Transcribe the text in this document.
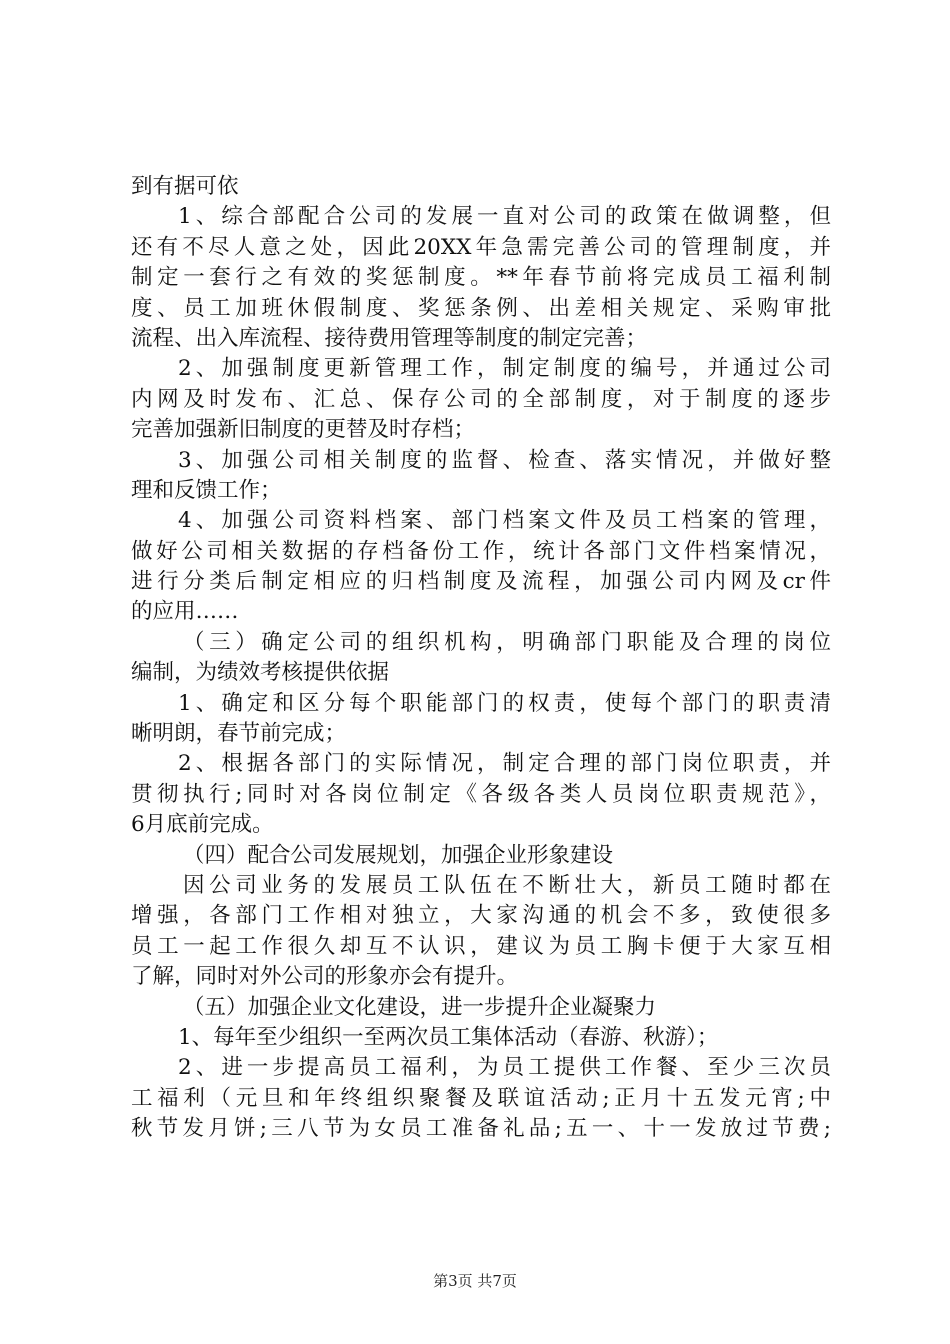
到有据可依
1、综合部配合公司的发展一直对公司的政策在做调整，但
还有不尽人意之处，因此20XX年急需完善公司的管理制度，并
制定一套行之有效的奖惩制度。**年春节前将完成员工福利制
度、员工加班休假制度、奖惩条例、出差相关规定、采购审批
流程、出入库流程、接待费用管理等制度的制定完善；
2、加强制度更新管理工作，制定制度的编号，并通过公司
内网及时发布、汇总、保存公司的全部制度，对于制度的逐步
完善加强新旧制度的更替及时存档；
3、加强公司相关制度的监督、检查、落实情况，并做好整
理和反馈工作；
4、加强公司资料档案、部门档案文件及员工档案的管理，
做好公司相关数据的存档备份工作，统计各部门文件档案情况，
进行分类后制定相应的归档制度及流程，加强公司内网及cr件
的应用……
（三）确定公司的组织机构，明确部门职能及合理的岗位
编制，为绩效考核提供依据
1、确定和区分每个职能部门的权责，使每个部门的职责清
晰明朗，春节前完成；
2、根据各部门的实际情况，制定合理的部门岗位职责，并
贯彻执行;同时对各岗位制定《各级各类人员岗位职责规范》，
6月底前完成。
（四）配合公司发展规划，加强企业形象建设
因公司业务的发展员工队伍在不断壮大，新员工随时都在
增强，各部门工作相对独立，大家沟通的机会不多，致使很多
员工一起工作很久却互不认识，建议为员工胸卡便于大家互相
了解，同时对外公司的形象亦会有提升。
（五）加强企业文化建设，进一步提升企业凝聚力
1、每年至少组织一至两次员工集体活动（春游、秋游）；
2、进一步提高员工福利，为员工提供工作餐、至少三次员
工福利（元旦和年终组织聚餐及联谊活动;正月十五发元宵;中
秋节发月饼;三八节为女员工准备礼品;五一、十一发放过节费;
第3页 共7页
